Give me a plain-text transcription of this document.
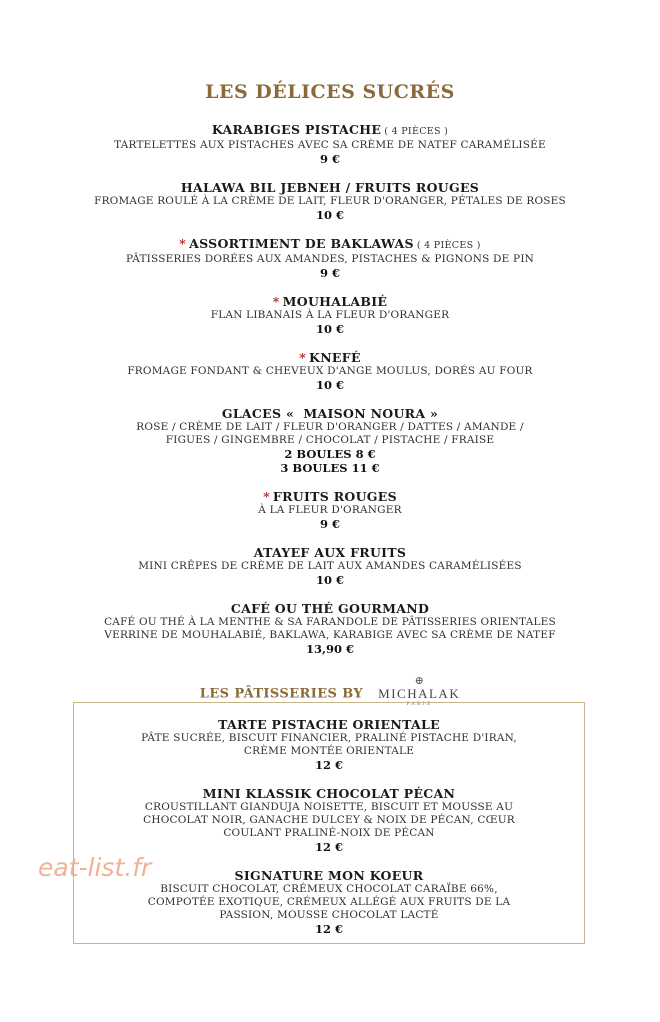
LES DÉLICES SUCRÉS
KARABIGES PISTACHE ( 4 PIÈCES )
TARTELETTES AUX PISTACHES AVEC SA CRÈME DE NATEF CARAMÉLISÉE
9 €
HALAWA BIL JEBNEH / FRUITS ROUGES
FROMAGE ROULÉ À LA CRÈME DE LAIT, FLEUR D'ORANGER, PÉTALES DE ROSES
10 €
* ASSORTIMENT DE BAKLAWAS ( 4 PIÈCES )
PÂTISSERIES DORÉES AUX AMANDES, PISTACHES & PIGNONS DE PIN
9 €
* MOUHALABIÉ
FLAN LIBANAIS À LA FLEUR D'ORANGER
10 €
* KNEFÉ
FROMAGE FONDANT & CHEVEUX D'ANGE MOULUS, DORÉS AU FOUR
10 €
GLACES «  MAISON NOURA »
ROSE / CRÈME DE LAIT / FLEUR D'ORANGER / DATTES / AMANDE /
FIGUES / GINGEMBRE / CHOCOLAT / PISTACHE / FRAISE
2 BOULES 8 €
3 BOULES 11 €
* FRUITS ROUGES
À LA FLEUR D'ORANGER
9 €
ATAYEF AUX FRUITS
MINI CRÊPES DE CRÈME DE LAIT AUX AMANDES CARAMÉLISÉES
10 €
CAFÉ OU THÉ GOURMAND
CAFÉ OU THÉ À LA MENTHE & SA FARANDOLE DE PÂTISSERIES ORIENTALES
VERRINE DE MOUHALABIÉ, BAKLAWA, KARABIGE AVEC SA CRÈME DE NATEF
13,90 €
LES PÂTISSERIES BY
⊕
MICHALAK
PARIS
TARTE PISTACHE ORIENTALE
PÂTE SUCRÉE, BISCUIT FINANCIER, PRALINÉ PISTACHE D'IRAN,
CRÈME MONTÉE ORIENTALE
12 €
MINI KLASSIK CHOCOLAT PÉCAN
CROUSTILLANT GIANDUJA NOISETTE, BISCUIT ET MOUSSE AU
CHOCOLAT NOIR, GANACHE DULCEY & NOIX DE PÉCAN, CŒUR
COULANT PRALINÉ-NOIX DE PÉCAN
12 €
SIGNATURE MON KOEUR
BISCUIT CHOCOLAT, CRÉMEUX CHOCOLAT CARAÏBE 66%,
COMPOTÉE EXOTIQUE, CRÉMEUX ALLÉGÉ AUX FRUITS DE LA
PASSION, MOUSSE CHOCOLAT LACTÉ
12 €
eat-list.fr
